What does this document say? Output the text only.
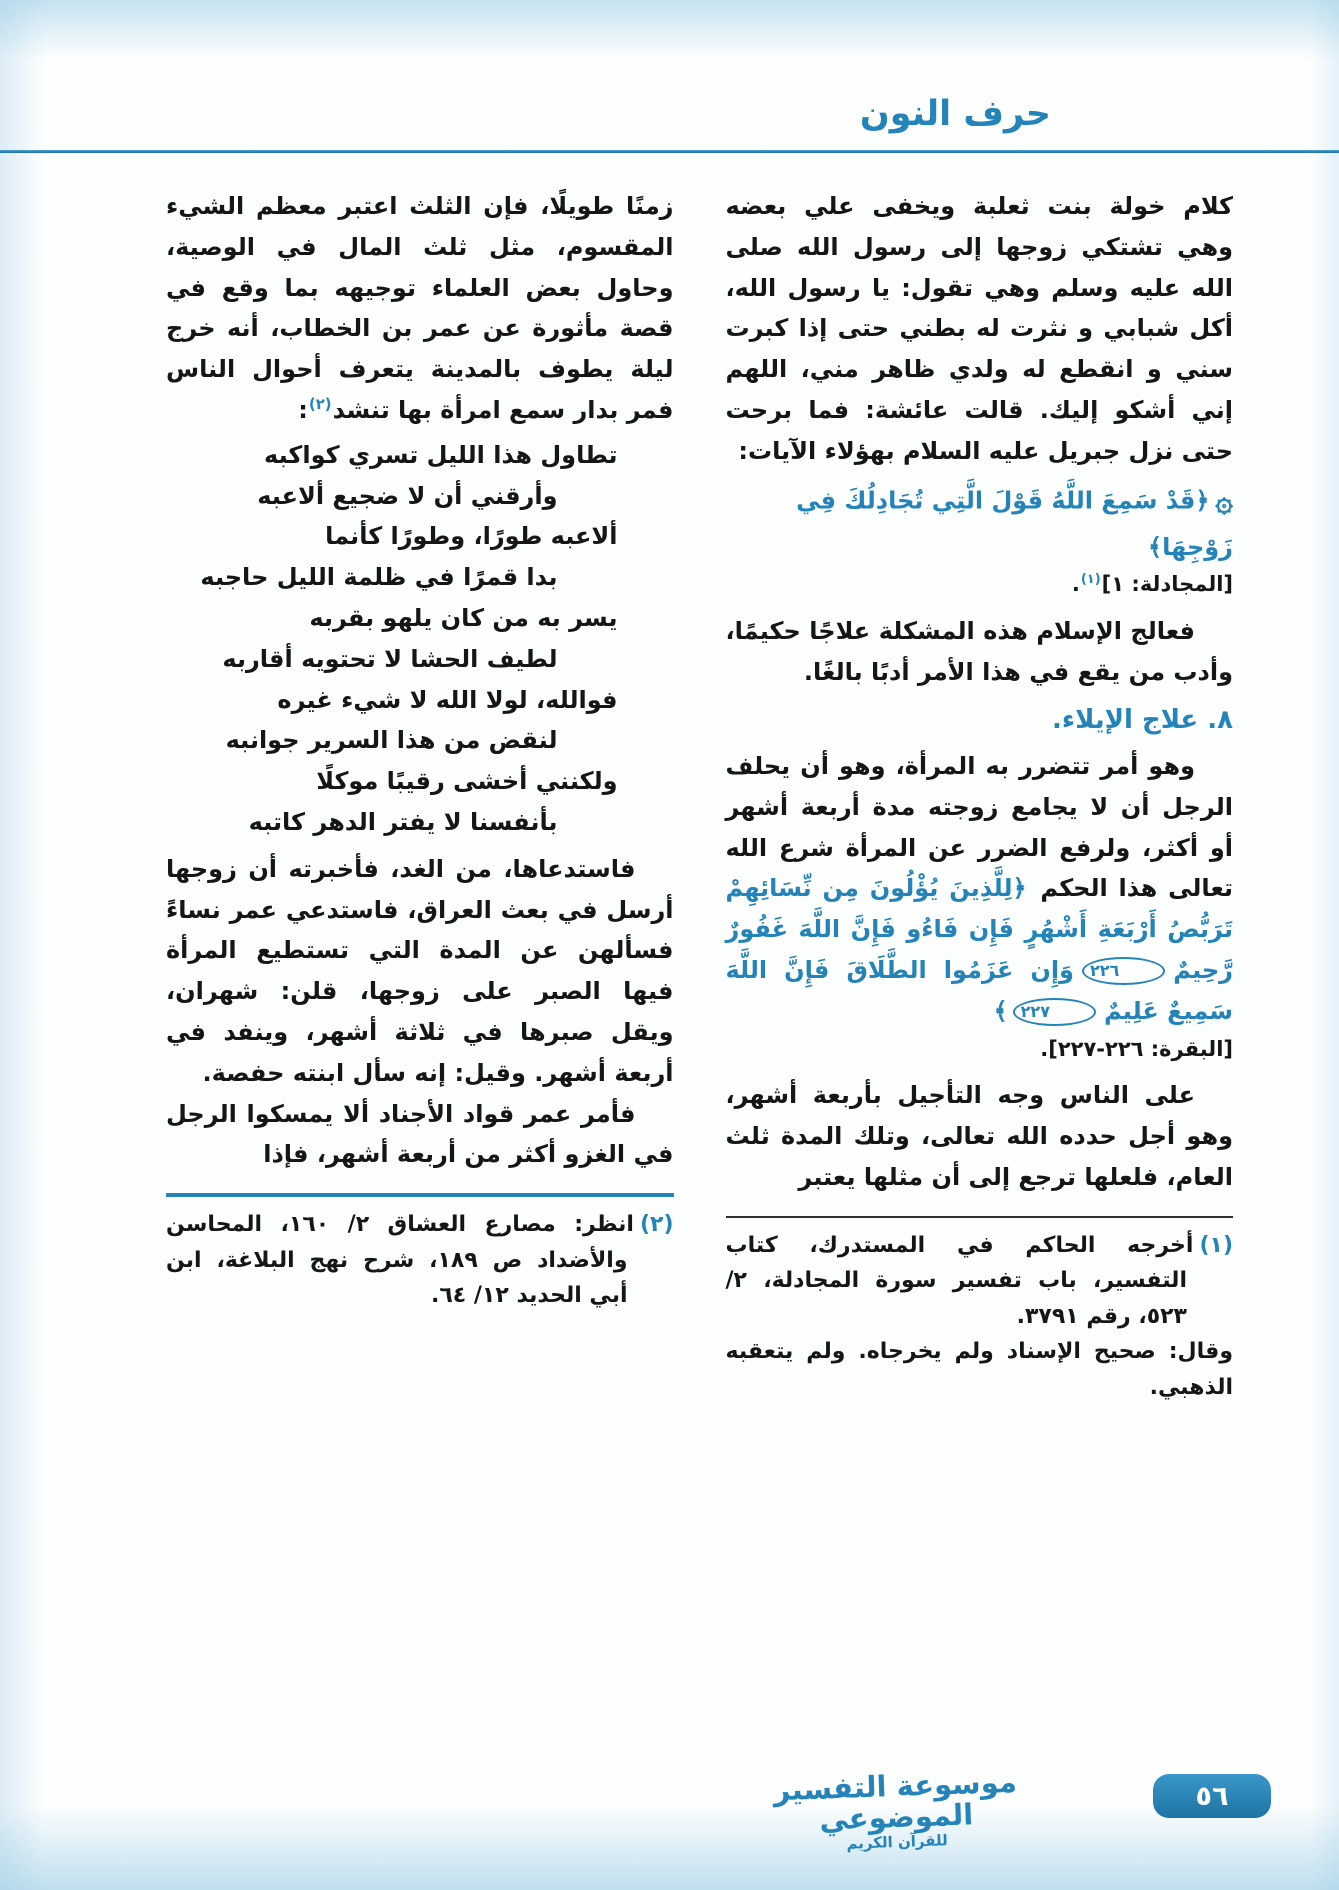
حرف النون

كلام خولة بنت ثعلبة ويخفى علي بعضه وهي تشتكي زوجها إلى رسول الله صلى الله عليه وسلم وهي تقول: يا رسول الله، أكل شبابي و نثرت له بطني حتى إذا كبرت سني و انقطع له ولدي ظاهر مني، اللهم إني أشكو إليك. قالت عائشة: فما برحت حتى نزل جبريل عليه السلام بهؤلاء الآيات:

۞﴿قَدْ سَمِعَ اللَّهُ قَوْلَ الَّتِي تُجَادِلُكَ فِي زَوْجِهَا﴾

[المجادلة: ١]$^{(١)}$.

فعالج الإسلام هذه المشكلة علاجًا حكيمًا، وأدب من يقع في هذا الأمر أدبًا بالغًا.

٨. علاج الإيلاء.

وهو أمر تتضرر به المرأة، وهو أن يحلف الرجل أن لا يجامع زوجته مدة أربعة أشهر أو أكثر، ولرفع الضرر عن المرأة شرع الله تعالى هذا الحكم ﴿لِلَّذِينَ يُؤْلُونَ مِن نِّسَائِهِمْ تَرَبُّصُ أَرْبَعَةِ أَشْهُرٍ فَإِن فَاءُو فَإِنَّ اللَّهَ غَفُورٌ رَّحِيمٌ٢٢٦وَإِن عَزَمُوا الطَّلَاقَ فَإِنَّ اللَّهَ سَمِيعٌ عَلِيمٌ٢٢٧﴾

[البقرة: ٢٢٦-٢٢٧].

على الناس وجه التأجيل بأربعة أشهر، وهو أجل حدده الله تعالى، وتلك المدة ثلث العام، فلعلها ترجع إلى أن مثلها يعتبر

(١)أخرجه الحاكم في المستدرك، كتاب التفسير، باب تفسير سورة المجادلة، ٢/ ٥٢٣، رقم ٣٧٩١.

وقال: صحيح الإسناد ولم يخرجاه. ولم يتعقبه الذهبي.

زمنًا طويلًا، فإن الثلث اعتبر معظم الشيء المقسوم، مثل ثلث المال في الوصية، وحاول بعض العلماء توجيهه بما وقع في قصة مأثورة عن عمر بن الخطاب، أنه خرج ليلة يطوف بالمدينة يتعرف أحوال الناس فمر بدار سمع امرأة بها تنشد$^{(٢)}$:

تطاول هذا الليل تسري كواكبه
وأرقني أن لا ضجيع ألاعبه
ألاعبه طورًا، وطورًا كأنما
بدا قمرًا في ظلمة الليل حاجبه
يسر به من كان يلهو بقربه
لطيف الحشا لا تحتويه أقاربه
فوالله، لولا الله لا شيء غيره
لنقض من هذا السرير جوانبه
ولكنني أخشى رقيبًا موكلًا
بأنفسنا لا يفتر الدهر كاتبه

فاستدعاها، من الغد، فأخبرته أن زوجها أرسل في بعث العراق، فاستدعي عمر نساءً فسألهن عن المدة التي تستطيع المرأة فيها الصبر على زوجها، قلن: شهران، ويقل صبرها في ثلاثة أشهر، وينفد في أربعة أشهر. وقيل: إنه سأل ابنته حفصة.

فأمر عمر قواد الأجناد ألا يمسكوا الرجل في الغزو أكثر من أربعة أشهر، فإذا

(٢)انظر: مصارع العشاق ٢/ ١٦٠، المحاسن والأضداد ص ١٨٩، شرح نهج البلاغة، ابن أبي الحديد ١٢/ ٦٤.

موسوعة التفسير الموضوعي
للقرآن الكريم
٥٦
